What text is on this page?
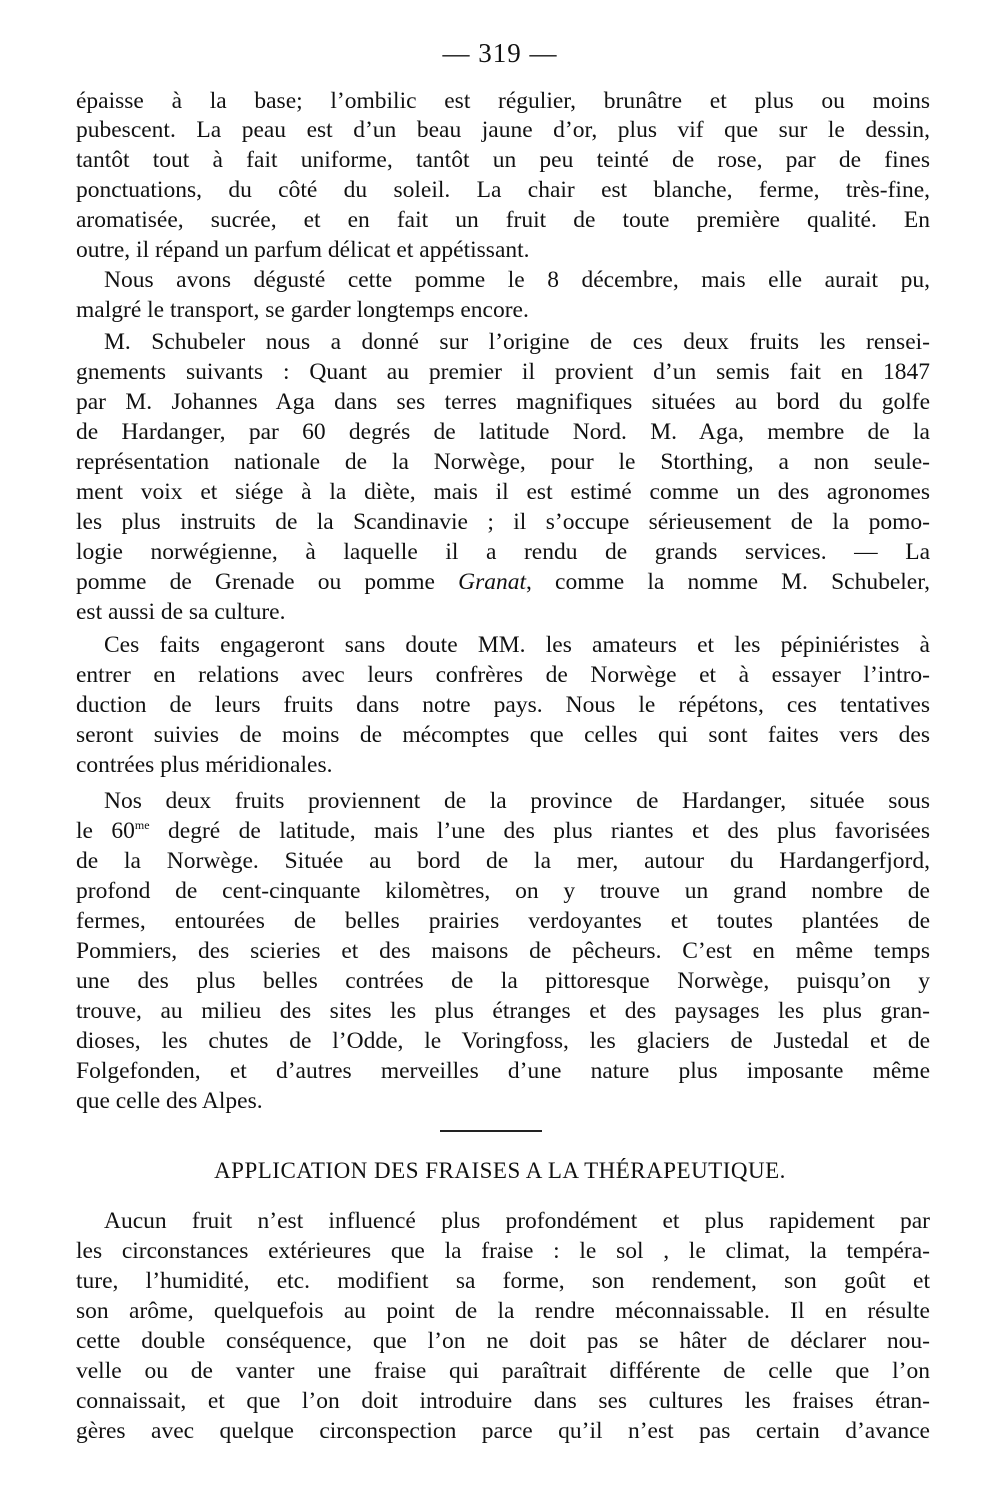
— 319 —
épaisse à la base; l’ombilic est régulier, brunâtre et plus ou moins
pubescent. La peau est d’un beau jaune d’or, plus vif que sur le dessin,
tantôt tout à fait uniforme, tantôt un peu teinté de rose, par de fines
ponctuations, du côté du soleil. La chair est blanche, ferme, très-fine,
aromatisée, sucrée, et en fait un fruit de toute première qualité. En
outre, il répand un parfum délicat et appétissant.
Nous avons dégusté cette pomme le 8 décembre, mais elle aurait pu,
malgré le transport, se garder longtemps encore.
M. Schubeler nous a donné sur l’origine de ces deux fruits les rensei-
gnements suivants : Quant au premier il provient d’un semis fait en 1847
par M. Johannes Aga dans ses terres magnifiques situées au bord du golfe
de Hardanger, par 60 degrés de latitude Nord. M. Aga, membre de la
représentation nationale de la Norwège, pour le Storthing, a non seule-
ment voix et siége à la diète, mais il est estimé comme un des agronomes
les plus instruits de la Scandinavie ; il s’occupe sérieusement de la pomo-
logie norwégienne, à laquelle il a rendu de grands services. — La
pomme de Grenade ou pomme Granat, comme la nomme M. Schubeler,
est aussi de sa culture.
Ces faits engageront sans doute MM. les amateurs et les pépiniéristes à
entrer en relations avec leurs confrères de Norwège et à essayer l’intro-
duction de leurs fruits dans notre pays. Nous le répétons, ces tentatives
seront suivies de moins de mécomptes que celles qui sont faites vers des
contrées plus méridionales.
Nos deux fruits proviennent de la province de Hardanger, située sous
le $60^{me}$ degré de latitude, mais l’une des plus riantes et des plus favorisées
de la Norwège. Située au bord de la mer, autour du Hardangerfjord,
profond de cent-cinquante kilomètres, on y trouve un grand nombre de
fermes, entourées de belles prairies verdoyantes et toutes plantées de
Pommiers, des scieries et des maisons de pêcheurs. C’est en même temps
une des plus belles contrées de la pittoresque Norwège, puisqu’on y
trouve, au milieu des sites les plus étranges et des paysages les plus gran-
dioses, les chutes de l’Odde, le Voringfoss, les glaciers de Justedal et de
Folgefonden, et d’autres merveilles d’une nature plus imposante même
que celle des Alpes.
APPLICATION DES FRAISES A LA THÉRAPEUTIQUE.
Aucun fruit n’est influencé plus profondément et plus rapidement par
les circonstances extérieures que la fraise : le sol , le climat, la tempéra-
ture, l’humidité, etc. modifient sa forme, son rendement, son goût et
son arôme, quelquefois au point de la rendre méconnaissable. Il en résulte
cette double conséquence, que l’on ne doit pas se hâter de déclarer nou-
velle ou de vanter une fraise qui paraîtrait différente de celle que l’on
connaissait, et que l’on doit introduire dans ses cultures les fraises étran-
gères avec quelque circonspection parce qu’il n’est pas certain d’avance
